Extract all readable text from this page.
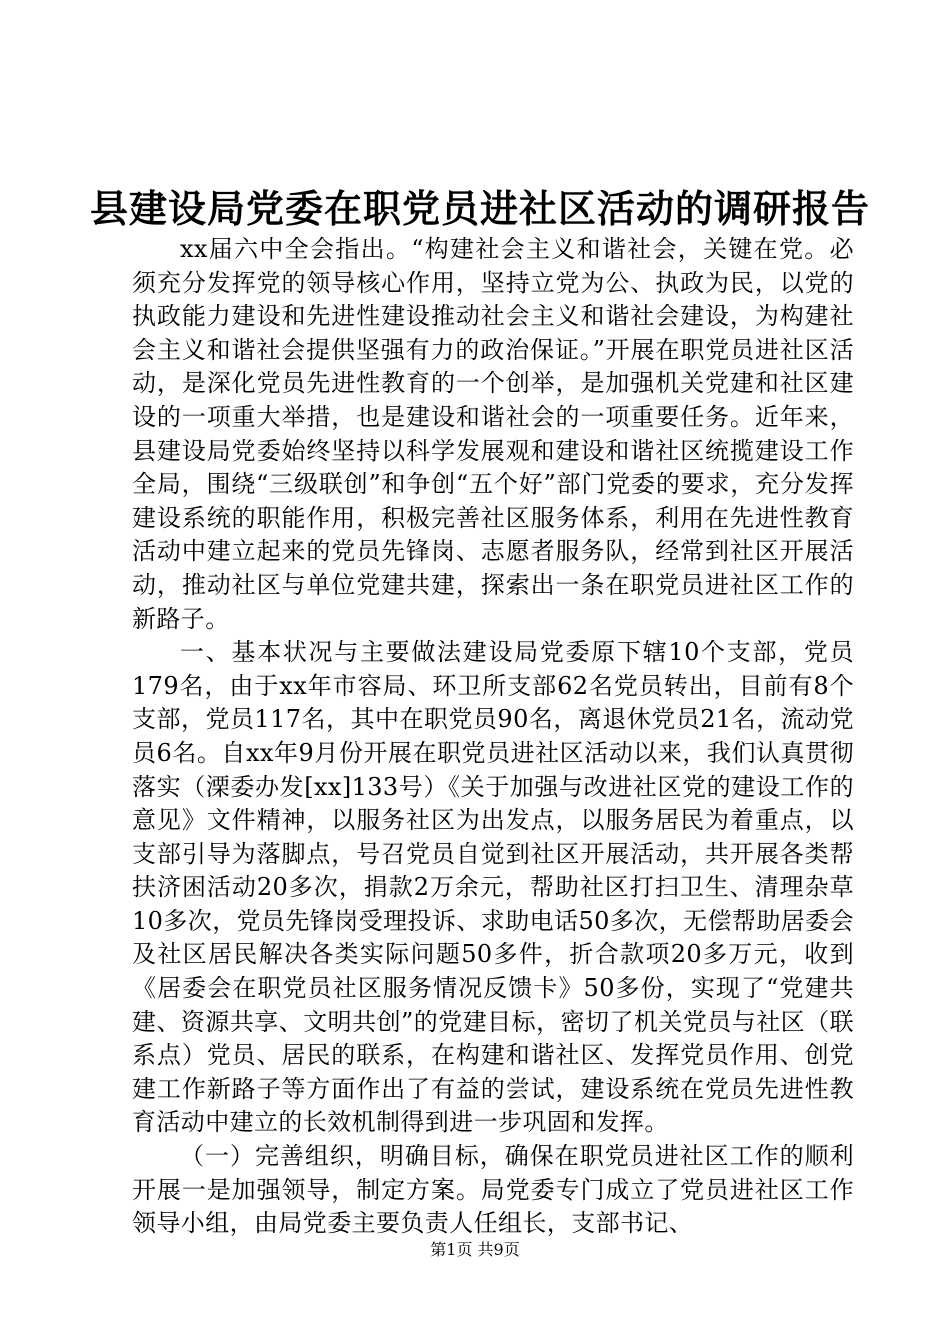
县建设局党委在职党员进社区活动的调研报告

xx届六中全会指出。“构建社会主义和谐社会，关键在党。必须充分发挥党的领导核心作用，坚持立党为公、执政为民，以党的执政能力建设和先进性建设推动社会主义和谐社会建设，为构建社会主义和谐社会提供坚强有力的政治保证。”开展在职党员进社区活动，是深化党员先进性教育的一个创举，是加强机关党建和社区建设的一项重大举措，也是建设和谐社会的一项重要任务。近年来，县建设局党委始终坚持以科学发展观和建设和谐社区统揽建设工作全局，围绕“三级联创”和争创“五个好”部门党委的要求，充分发挥建设系统的职能作用，积极完善社区服务体系，利用在先进性教育活动中建立起来的党员先锋岗、志愿者服务队，经常到社区开展活动，推动社区与单位党建共建，探索出一条在职党员进社区工作的新路子。

一、基本状况与主要做法建设局党委原下辖10个支部，党员179名，由于xx年市容局、环卫所支部62名党员转出，目前有8个支部，党员117名，其中在职党员90名，离退休党员21名，流动党员6名。自xx年9月份开展在职党员进社区活动以来，我们认真贯彻落实（溧委办发[xx]133号）《关于加强与改进社区党的建设工作的意见》文件精神，以服务社区为出发点，以服务居民为着重点，以支部引导为落脚点，号召党员自觉到社区开展活动，共开展各类帮扶济困活动20多次，捐款2万余元，帮助社区打扫卫生、清理杂草10多次，党员先锋岗受理投诉、求助电话50多次，无偿帮助居委会及社区居民解决各类实际问题50多件，折合款项20多万元，收到《居委会在职党员社区服务情况反馈卡》50多份，实现了“党建共建、资源共享、文明共创”的党建目标，密切了机关党员与社区（联系点）党员、居民的联系，在构建和谐社区、发挥党员作用、创党建工作新路子等方面作出了有益的尝试，建设系统在党员先进性教育活动中建立的长效机制得到进一步巩固和发挥。

（一）完善组织，明确目标，确保在职党员进社区工作的顺利开展一是加强领导，制定方案。局党委专门成立了党员进社区工作领导小组，由局党委主要负责人任组长，支部书记、

第1页 共9页
